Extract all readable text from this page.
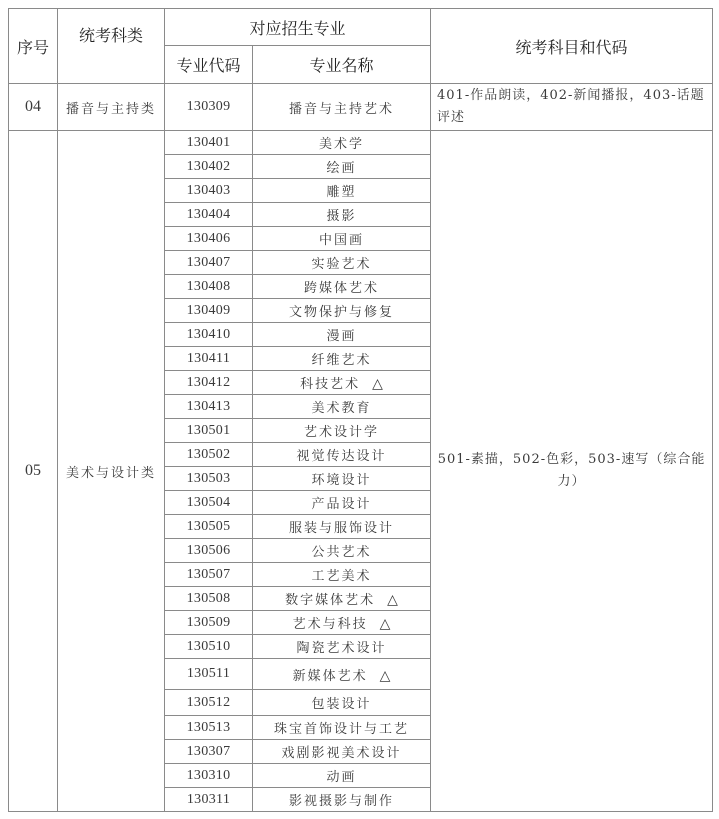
序号	统考科类	对应招生专业		统考科目和代码
		专业代码	专业名称	
04	播音与主持类	130309	播音与主持艺术	401-作品朗读，402-新闻播报，403-话题评述
05	美术与设计类	130401	美术学	501-素描，502-色彩，503-速写（综合能力）
		130402	绘画	
		130403	雕塑	
		130404	摄影	
		130406	中国画	
		130407	实验艺术	
		130408	跨媒体艺术	
		130409	文物保护与修复	
		130410	漫画	
		130411	纤维艺术	
		130412	科技艺术 △	
		130413	美术教育	
		130501	艺术设计学	
		130502	视觉传达设计	
		130503	环境设计	
		130504	产品设计	
		130505	服装与服饰设计	
		130506	公共艺术	
		130507	工艺美术	
		130508	数字媒体艺术 △	
		130509	艺术与科技 △	
		130510	陶瓷艺术设计	
		130511	新媒体艺术 △	
		130512	包装设计	
		130513	珠宝首饰设计与工艺	
		130307	戏剧影视美术设计	
		130310	动画	
		130311	影视摄影与制作	
